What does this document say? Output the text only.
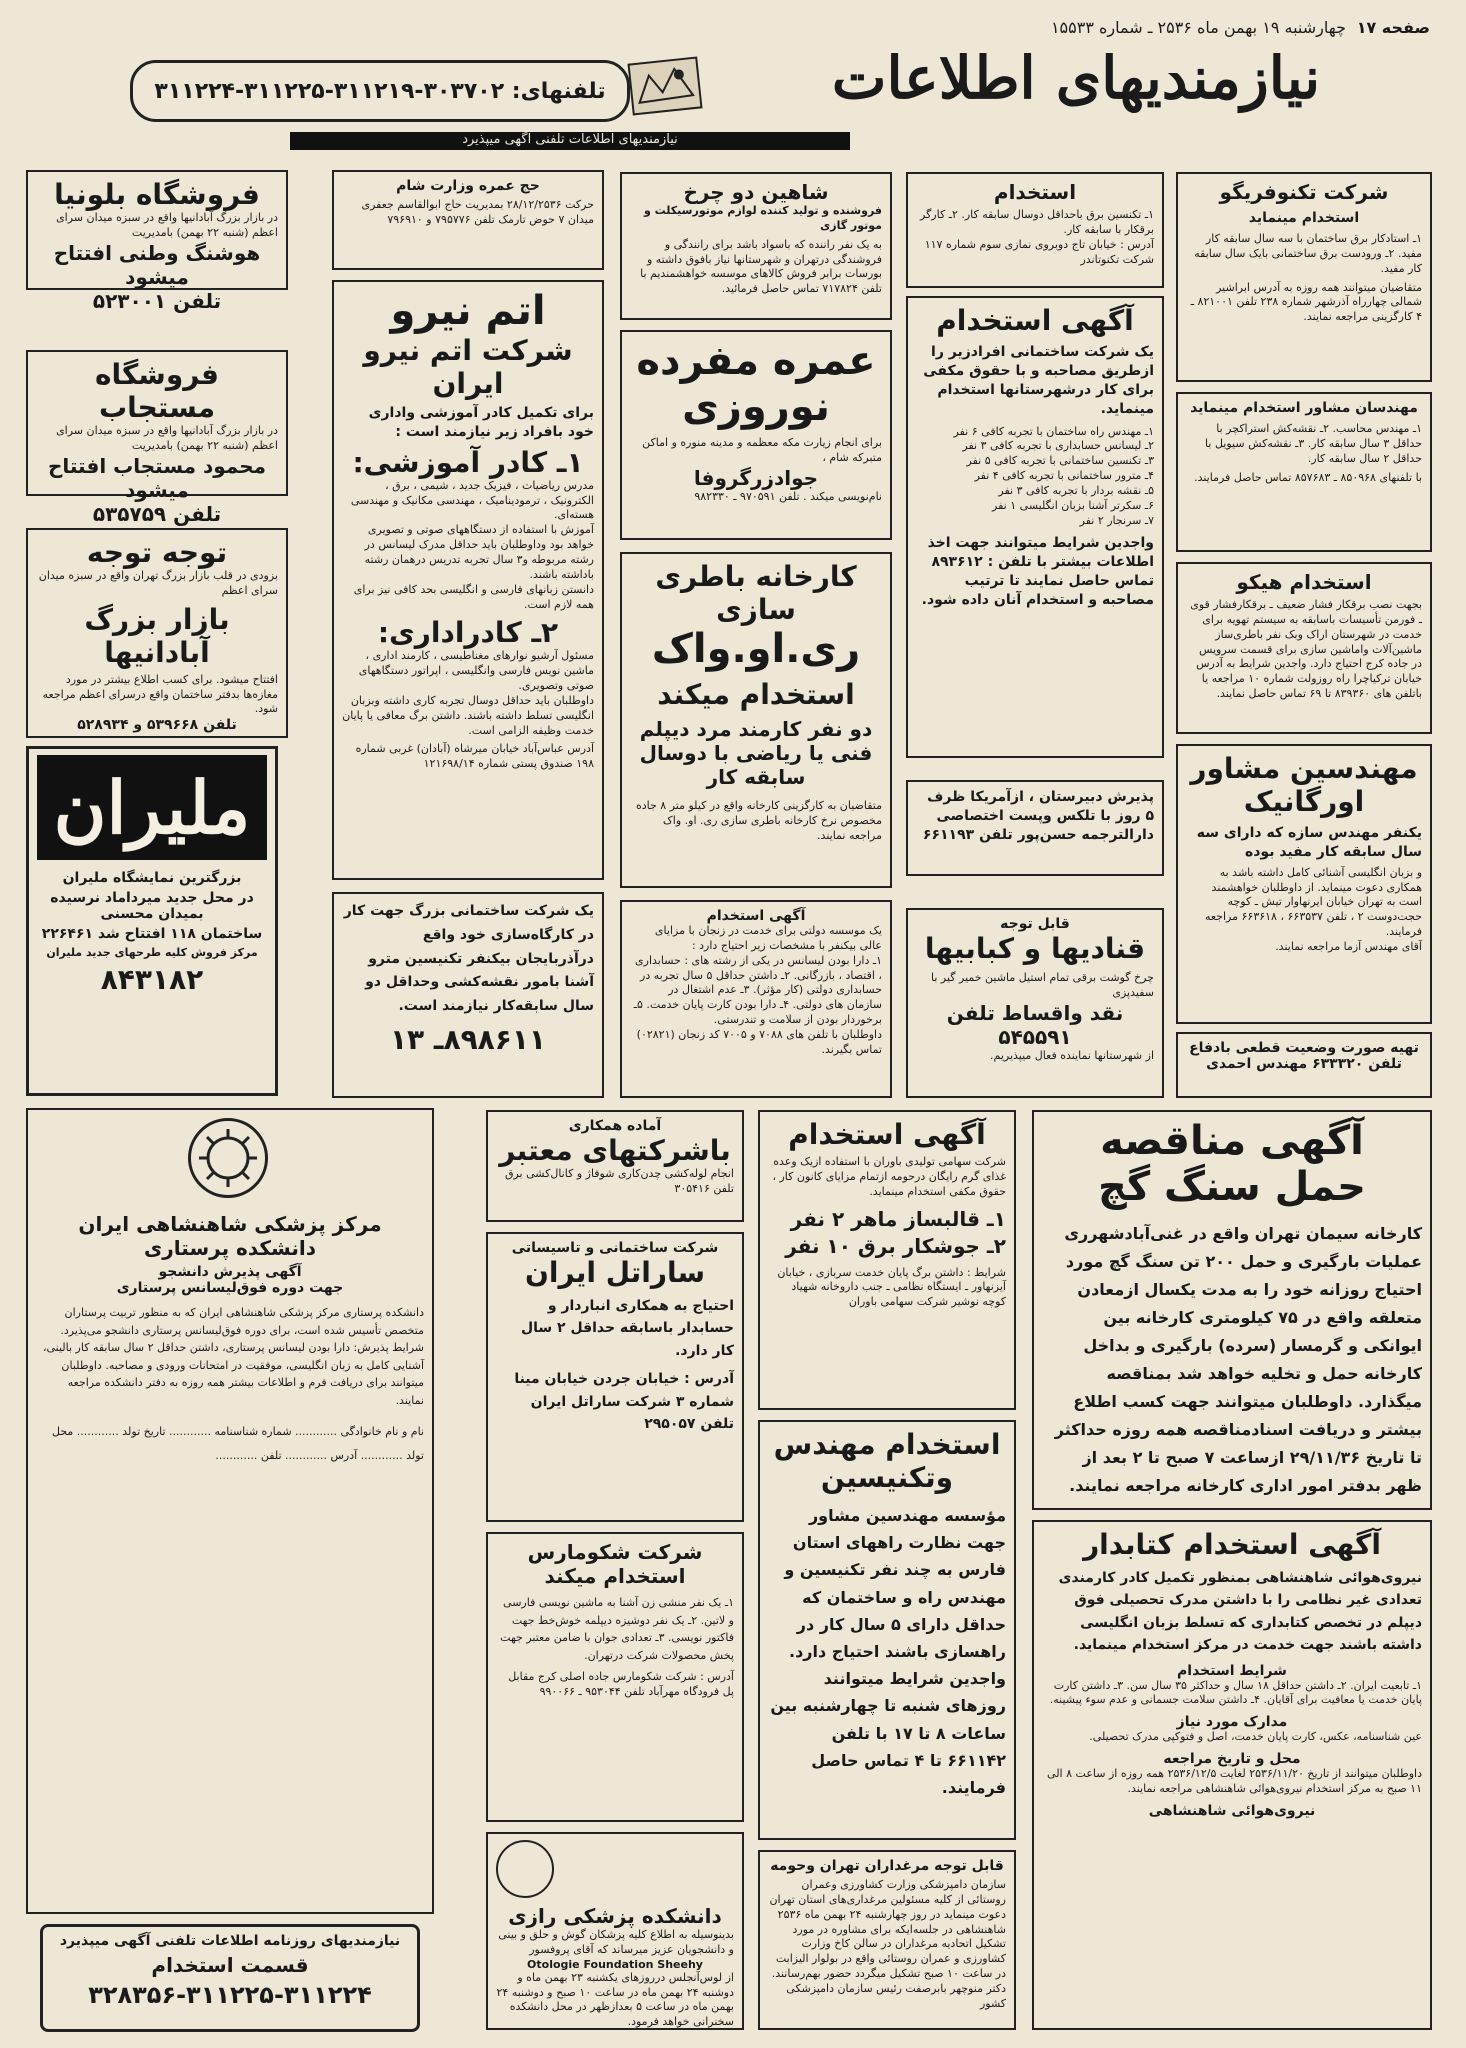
صفحه ۱۷
چهارشنبه ۱۹ بهمن ماه ۲۵۳۶ ـ شماره ۱۵۵۳۳
نیازمندیهای اطلاعات
تلفنهای: ۳۰۳۷۰۲-۳۱۱۲۱۹-۳۱۱۲۲۵-۳۱۱۲۲۴
نیازمندیهای اطلاعات تلفنی آگهی میپذیرد
شرکت تکنوفریگو
استخدام مینماید
۱ـ استادکار برق ساختمان با سه سال سابقه کار مفید. ۲ـ ورودست برق ساختمانی بایک سال سابقه کار مفید.
متقاضیان میتوانند همه روزه به آدرس ابراشیر شمالی چهارراه آذرشهر شماره ۲۳۸ تلفن ۸۲۱۰۰۱ ـ ۴ کارگزینی مراجعه نمایند.
مهندسان مشاور استخدام مینماید
۱ـ مهندس محاسب. ۲ـ نقشه‌کش استراکچر با حداقل ۳ سال سابقه کار. ۳ـ نقشه‌کش سیویل با حداقل ۲ سال سابقه کار.
با تلفنهای ۸۵۰۹۶۸ ـ ۸۵۷۶۸۳ تماس حاصل فرمایند.
استخدام هیکو
بجهت نصب برقکار فشار ضعیف ـ برقکارفشار قوی ـ فورمن تأسیسات باسابقه به سیستم تهویه برای خدمت در شهرستان اراک وبک نفر باطری‌ساز ماشین‌آلات واماشین سازی برای قسمت سرویس در جاده کرج احتیاج دارد. واجدین شرایط به آدرس خیابان ترکیاچرا راه روزولت شماره ۱۰ مراجعه یا باتلفن های ۸۳۹۳۶۰ تا ۶۹ تماس حاصل نمایند.
مهندسین مشاور
اورگانیک
یکنفر مهندس سازه که دارای سه سال سابقه کار مفید بوده
و بزبان انگلیسی آشنائی کامل داشته باشد به همکاری دعوت مینماید. از داوطلبان خواهشمند است به تهران خیابان ایرنهاوار تیش ـ کوچه حجت‌دوست ۲ ، تلفن ۶۶۳۵۳۷ ، ۶۶۳۶۱۸ مراجعه فرمایند.
آقای مهندس آزما مراجعه نمایند.
تهیه صورت وضعیت قطعی بادفاع
تلفن ۶۳۳۳۲۰ مهندس احمدی
استخدام
۱ـ تکنسین برق باحداقل دوسال سابقه کار. ۲ـ کارگر برقکار با سابقه کار.
آدرس : خیابان تاج دوبروی نمازی سوم شماره ۱۱۷ شرکت تکنوتاندر
آگهی استخدام
یک شرکت ساختمانی افرادزیر را ازطریق مصاحبه و با حقوق مکفی برای کار درشهرستانها استخدام مینماید.
۱ـ مهندس راه ساختمان با تجربه کافی ۶ نفر
۲ـ لیسانس حسابداری با تجربه کافی ۳ نفر
۳ـ تکنسین ساختمانی با تجربه کافی ۵ نفر
۴ـ مترور ساختمانی با تجربه کافی ۴ نفر
۵ـ نقشه بردار با تجربه کافی ۳ نفر
۶ـ سکرتر آشنا بزبان انگلیسی ۱ نفر
۷ـ سرنجار ۲ نفر
واجدین شرایط میتوانند جهت اخذ اطلاعات بیشتر با تلفن : ۸۹۳۶۱۲ تماس حاصل نمایند تا ترتیب مصاحبه و استخدام آنان داده شود.
پذیرش دبیرستان ، ازآمریکا ظرف ۵ روز با تلکس وپست اختصاصی دارالترجمه حسن‌پور تلفن ۶۶۱۱۹۳
قابل توجه
قنادیها و کبابیها
چرخ گوشت برقی تمام استیل ماشین خمیر گیر با سفیدپزی
نقد واقساط تلفن ۵۴۵۵۹۱
از شهرستانها نماینده فعال میپذیریم.
شاهین دو چرخ
فروشنده و تولید کننده لوازم موتورسیکلت و موتور گازی
به یک نفر راننده که باسواد باشد برای رانندگی و فروشندگی درتهران و شهرستانها نیاز بافوق داشته و بورسات برابر فروش کالاهای موسسه خواهشمندیم با تلفن ۷۱۷۸۲۴ تماس حاصل فرمائید.
عمره مفرده
نوروزی
برای انجام زیارت مکه معظمه و مدینه منوره و اماکن متبرکه شام ،
جوادزرگروفا
نام‌نویسی میکند . تلفن ۹۷۰۵۹۱ ـ ۹۸۲۳۳۰
کارخانه باطری سازی
ری.او.واک
استخدام میکند
دو نفر کارمند مرد دیپلم فنی یا ریاضی با دوسال سابقه کار
متقاضیان به کارگزینی کارخانه واقع در کیلو متر ۸ جاده مخصوص نرخ کارخانه باطری سازی ری. او. واک مراجعه نمایند.
آگهی استخدام
یک موسسه دولتی برای خدمت در زنجان با مزایای عالی بیکنفر با مشخصات زیر احتیاج دارد :
۱ـ دارا بودن لیسانس در یکی از رشته های : حسابداری ، اقتصاد ، بازرگانی. ۲ـ داشتن حداقل ۵ سال تجربه در حسابداری دولتی (کار مؤثر). ۳ـ عدم اشتغال در سازمان های دولتی. ۴ـ دارا بودن کارت پایان خدمت. ۵ـ برخوردار بودن از سلامت و تندرستی.
داوطلبان با تلفن های ۷۰۸۸ و ۷۰۰۵ کد زنجان (۰۲۸۲۱) تماس بگیرند.
حج عمره وزارت شام
حرکت ۲۸/۱۲/۲۵۳۶ بمدیریت حاج ابوالقاسم جعفری میدان ۷ حوض تارمک تلفن ۷۹۵۷۷۶ و ۷۹۶۹۱۰
اتم نیرو
شرکت اتم نیرو ایران
برای تکمیل کادر آموزشی واداری خود بافراد زیر نیازمند است :
۱ـ کادر آموزشی:
مدرس ریاضیات ، فیزیک جدید ، شیمی ، برق ، الکترونیک ، ترمودینامیک ، مهندسی مکانیک و مهندسی هسته‌ای.
آموزش با استفاده از دستگاههای صوتی و تصویری خواهد بود وداوطلبان باید حداقل مدرک لیسانس در رشته مربوطه و۳ سال تجربه تدریس درهمان رشته باداشته باشند.
دانستن زبانهای فارسی و انگلیسی بحد کافی نیز برای همه لازم است.
۲ـ کادراداری:
مسئول آرشیو نوارهای مغناطیسی ، کارمند اداری ، ماشین نویس فارسی وانگلیسی ، اپراتور دستگاههای صوتی وتصویری.
داوطلبان باید حداقل دوسال تجربه کاری داشته وبزبان انگلیسی تسلط داشته باشند. داشتن برگ معافی یا پایان خدمت وظیفه الزامی است.
آدرس عباس‌آباد خیابان میرشاه (آبادان) غربی شماره ۱۹۸ صندوق پستی شماره ۱۲۱۶۹۸/۱۴
یک شرکت ساختمانی بزرگ جهت کار در کارگاه‌سازی خود واقع درآذربایجان بیکنفر تکنیسین مترو آشنا بامور نقشه‌کشی وحداقل دو سال سابقه‌کار نیازمند است.
۸۹۸۶۱۱ـ ۱۳
فروشگاه بلونیا
در بازار بزرگ آبادانیها واقع در سبزه میدان سرای اعظم (شنبه ۲۲ بهمن) بامدیریت
هوشنگ وطنی افتتاح میشود
تلفن ۵۲۳۰۰۱
فروشگاه مستجاب
در بازار بزرگ آبادانیها واقع در سبزه میدان سرای اعظم (شنبه ۲۲ بهمن) بامدیریت
محمود مستجاب افتتاح میشود
تلفن ۵۳۵۷۵۹
توجه توجه
بزودی در قلب بازار بزرگ تهران واقع در سبزه میدان سرای اعظم
بازار بزرگ آبادانیها
افتتاح میشود. برای کسب اطلاع بیشتر در مورد مغازه‌ها بدفتر ساختمان واقع درسرای اعظم مراجعه شود.
تلفن ۵۳۹۶۶۸ و ۵۲۸۹۳۴
ملیران
بزرگترین نمایشگاه ملیران
در محل جدید میرداماد نرسیده بمیدان محسنی
ساختمان ۱۱۸ افتتاح شد ۲۲۶۴۶۱
مرکز فروش کلیه طرحهای جدید ملیران
۸۴۳۱۸۲
آگهی مناقصه
حمل سنگ گچ
کارخانه سیمان تهران واقع در غنی‌آبادشهرری عملیات بارگیری و حمل ۲۰۰ تن سنگ گچ مورد احتیاج روزانه خود را به مدت یکسال ازمعادن متعلقه واقع در ۷۵ کیلومتری کارخانه بین ایوانکی و گرمسار (سرده) بارگیری و بداخل کارخانه حمل و تخلیه خواهد شد بمناقصه میگذارد. داوطلبان میتوانند جهت کسب اطلاع بیشتر و دریافت اسنادمناقصه همه روزه حداکثر تا تاریخ ۲۹/۱۱/۳۶ ازساعت ۷ صبح تا ۲ بعد از ظهر بدفتر امور اداری کارخانه مراجعه نمایند.
آگهی استخدام کتابدار
نیروی‌هوائی شاهنشاهی بمنظور تکمیل کادر کارمندی تعدادی غیر نظامی را با داشتن مدرک تحصیلی فوق دیپلم در تخصص کتابداری که تسلط بزبان انگلیسی داشته باشند جهت خدمت در مرکز استخدام مینماید.
شرایط استخدام
۱ـ تابعیت ایران. ۲ـ داشتن حداقل ۱۸ سال و حداکثر ۳۵ سال سن. ۳ـ داشتن کارت پایان خدمت یا معافیت برای آقایان. ۴ـ داشتن سلامت جسمانی و عدم سوء پیشینه.
مدارک مورد نیاز
عین شناسنامه، عکس، کارت پایان خدمت، اصل و فتوکپی مدرک تحصیلی.
محل و تاریخ مراجعه
داوطلبان میتوانند از تاریخ ۲۵۳۶/۱۱/۲۰ لغایت ۲۵۳۶/۱۲/۵ همه روزه از ساعت ۸ الی ۱۱ صبح به مرکز استخدام نیروی‌هوائی شاهنشاهی مراجعه نمایند.
نیروی‌هوائی شاهنشاهی
آگهی استخدام
شرکت سهامی تولیدی باوران با استفاده ازیک وعده غذای گرم رایگان درحومه ازتمام مزایای کانون کار ، حقوق مکفی استخدام مینماید.
۱ـ قالبساز ماهر ۲ نفر
۲ـ جوشکار برق ۱۰ نفر
شرایط : داشتن برگ پایان خدمت سربازی ، خیابان آیزنهاور ـ ایستگاه نظامی ـ جنب داروخانه شهیاد کوچه نوشیر شرکت سهامی باوران
استخدام مهندس
وتکنیسین
مؤسسه مهندسین مشاور جهت نظارت راههای استان فارس به چند نفر تکنیسین و مهندس راه و ساختمان که حداقل دارای ۵ سال کار در راهسازی باشند احتیاج دارد. واجدین شرایط میتوانند روزهای شنبه تا چهارشنبه بین ساعات ۸ تا ۱۷ با تلفن ۶۶۱۱۴۲ تا ۴ تماس حاصل فرمایند.
قابل توجه مرغداران تهران وحومه
سازمان دامپزشکی وزارت کشاورزی وعمران روستائی از کلیه مسئولین مرغداری‌های استان تهران دعوت مینماید در روز چهارشنبه ۲۴ بهمن ماه ۲۵۳۶ شاهنشاهی در جلسه‌ایکه برای مشاوره در مورد تشکیل اتحادیه مرغداران در سالن کاخ وزارت کشاورزی و عمران روستائی واقع در بولوار الیزابت در ساعت ۱۰ صبح تشکیل میگردد حضور بهم‌رسانند.
دکتر منوچهر بابرصفت رئیس سازمان دامپزشکی کشور
آماده همکاری
باشرکتهای معتبر
انجام لوله‌کشی چدن‌کاری شوفاژ و کانال‌کشی برق تلفن ۳۰۵۴۱۶
شرکت ساختمانی و تاسیساتی
ساراتل ایران
احتیاج به همکاری انباردار و حسابدار باسابقه حداقل ۲ سال کار دارد.
آدرس : خیابان جردن خیابان مینا شماره ۳ شرکت ساراتل ایران تلفن ۲۹۵۰۵۷
شرکت شکومارس استخدام میکند
۱ـ یک نفر منشی زن آشنا به ماشین نویسی فارسی و لاتین. ۲ـ یک نفر دوشیزه دیپلمه خوش‌خط جهت فاکتور نویسی. ۳ـ تعدادی جوان با ضامن معتبر جهت پخش محصولات شرکت درتهران.
آدرس : شرکت شکومارس جاده اصلی کرج مقابل پل فرودگاه مهرآباد تلفن ۹۵۳۰۴۴ ـ ۹۹۰۰۶۶
دانشکده پزشکی رازی
بدینوسیله به اطلاع کلیه پزشکان گوش و حلق و بینی و دانشجویان عزیز میرساند که آقای پروفسور
Otologie Foundation Sheehy
از لوس‌آنجلس درروزهای یکشنبه ۲۳ بهمن ماه و دوشنبه ۲۴ بهمن ماه در ساعت ۱۰ صبح و دوشنبه ۲۴ بهمن ماه در ساعت ۵ بعدازظهر در محل دانشکده سخنرانی خواهد فرمود.
مرکز پزشکی شاهنشاهی ایران
دانشکده پرستاری
آگهی پذیرش دانشجو
جهت دوره فوق‌لیسانس پرستاری
دانشکده پرستاری مرکز پزشکی شاهنشاهی ایران که به منظور تربیت پرستاران متخصص تأسیس شده است، برای دوره فوق‌لیسانس پرستاری دانشجو می‌پذیرد. شرایط پذیرش: دارا بودن لیسانس پرستاری، داشتن حداقل ۲ سال سابقه کار بالینی، آشنایی کامل به زبان انگلیسی، موفقیت در امتحانات ورودی و مصاحبه. داوطلبان میتوانند برای دریافت فرم و اطلاعات بیشتر همه روزه به دفتر دانشکده مراجعه نمایند.
نام و نام خانوادگی ............ شماره شناسنامه ............ تاریخ تولد ............ محل تولد ............ آدرس ............ تلفن ............
نیازمندیهای روزنامه اطلاعات تلفنی آگهی میپذیرد
قسمت استخدام
۳۲۸۳۵۶-۳۱۱۲۲۵-۳۱۱۲۲۴
